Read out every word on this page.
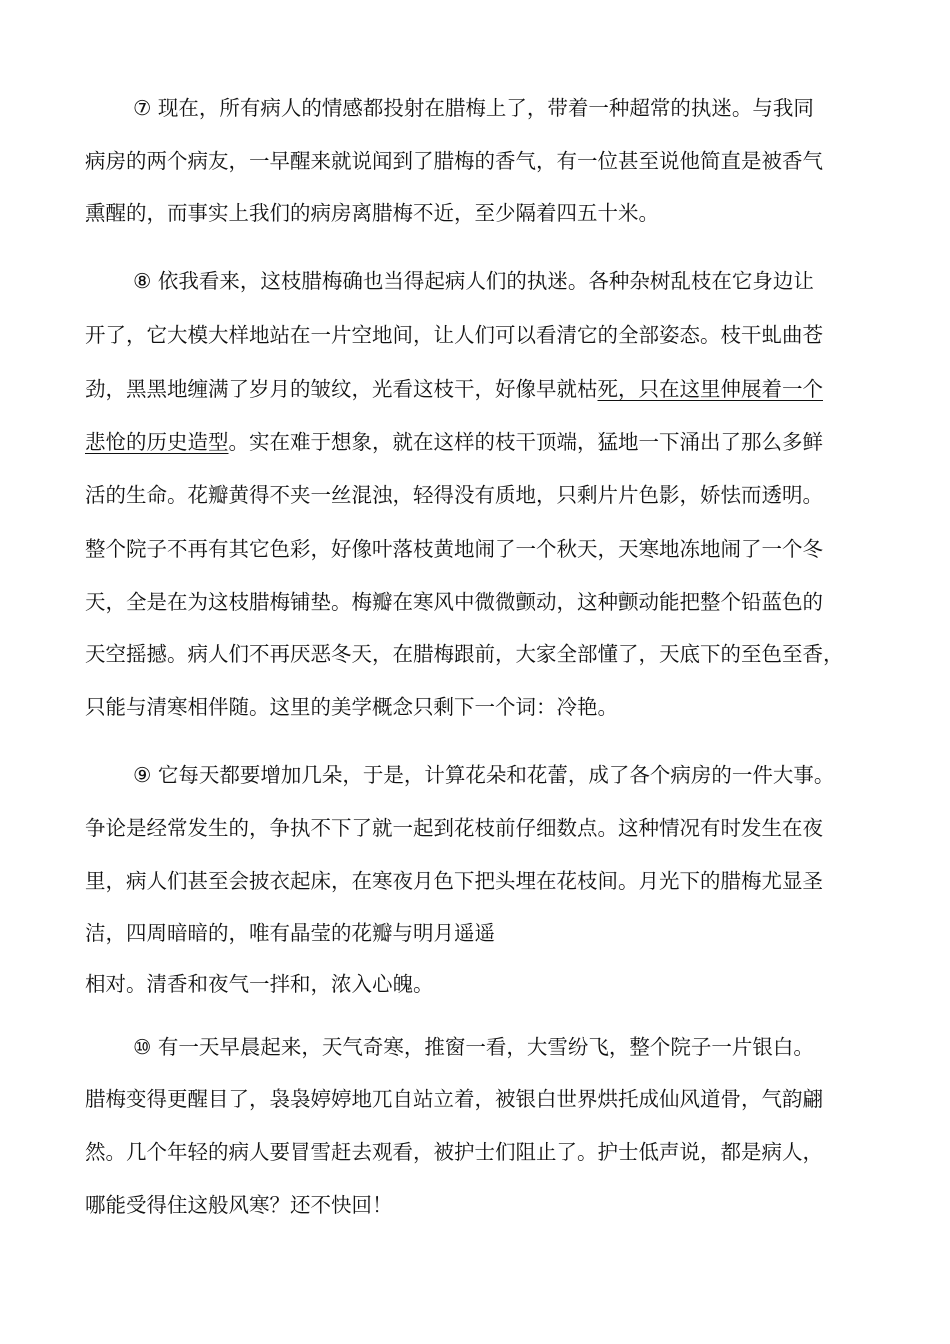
⑦ 现在，所有病人的情感都投射在腊梅上了，带着一种超常的执迷。与我同
病房的两个病友，一早醒来就说闻到了腊梅的香气，有一位甚至说他简直是被香气
熏醒的，而事实上我们的病房离腊梅不近，至少隔着四五十米。
⑧ 依我看来，这枝腊梅确也当得起病人们的执迷。各种杂树乱枝在它身边让
开了，它大模大样地站在一片空地间，让人们可以看清它的全部姿态。枝干虬曲苍
劲，黑黑地缠满了岁月的皱纹，光看这枝干，好像早就枯死，只在这里伸展着一个
悲怆的历史造型。实在难于想象，就在这样的枝干顶端，猛地一下涌出了那么多鲜
活的生命。花瓣黄得不夹一丝混浊，轻得没有质地，只剩片片色影，娇怯而透明。
整个院子不再有其它色彩，好像叶落枝黄地闹了一个秋天，天寒地冻地闹了一个冬
天，全是在为这枝腊梅铺垫。梅瓣在寒风中微微颤动，这种颤动能把整个铅蓝色的
天空摇撼。病人们不再厌恶冬天，在腊梅跟前，大家全部懂了，天底下的至色至香，
只能与清寒相伴随。这里的美学概念只剩下一个词：冷艳。
⑨ 它每天都要增加几朵，于是，计算花朵和花蕾，成了各个病房的一件大事。
争论是经常发生的，争执不下了就一起到花枝前仔细数点。这种情况有时发生在夜
里，病人们甚至会披衣起床，在寒夜月色下把头埋在花枝间。月光下的腊梅尤显圣
洁，四周暗暗的，唯有晶莹的花瓣与明月遥遥
相对。清香和夜气一拌和，浓入心魄。
⑩ 有一天早晨起来，天气奇寒，推窗一看，大雪纷飞，整个院子一片银白。
腊梅变得更醒目了，袅袅婷婷地兀自站立着，被银白世界烘托成仙风道骨，气韵翩
然。几个年轻的病人要冒雪赶去观看，被护士们阻止了。护士低声说，都是病人，
哪能受得住这般风寒？还不快回！
